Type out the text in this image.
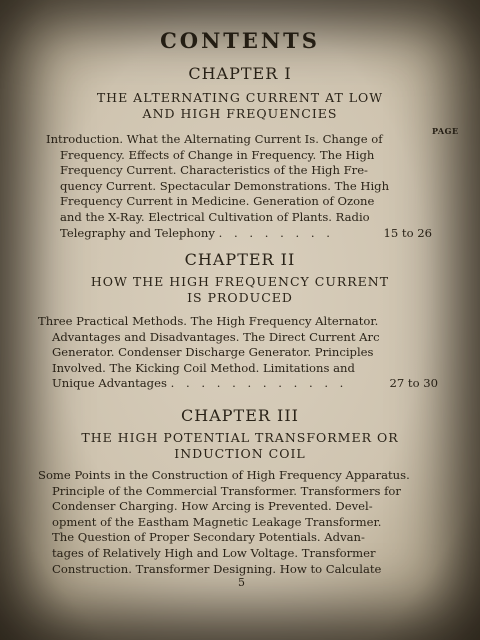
CONTENTS
CHAPTER I
THE ALTERNATING CURRENT AT LOW
AND HIGH FREQUENCIES
PAGE
Introduction. What the Alternating Current Is. Change of
Frequency. Effects of Change in Frequency. The High
Frequency Current. Characteristics of the High Fre-
quency Current. Spectacular Demonstrations. The High
Frequency Current in Medicine. Generation of Ozone
and the X-Ray. Electrical Cultivation of Plants. Radio
Telegraphy and Telephony . . . . . . . .	15 to 26
CHAPTER II
HOW THE HIGH FREQUENCY CURRENT
IS PRODUCED
Three Practical Methods. The High Frequency Alternator.
Advantages and Disadvantages. The Direct Current Arc
Generator. Condenser Discharge Generator. Principles
Involved. The Kicking Coil Method. Limitations and
Unique Advantages . . . . . . . . . . . .	27 to 30
CHAPTER III
THE HIGH POTENTIAL TRANSFORMER OR
INDUCTION COIL
Some Points in the Construction of High Frequency Apparatus.
Principle of the Commercial Transformer. Transformers for
Condenser Charging. How Arcing is Prevented. Devel-
opment of the Eastham Magnetic Leakage Transformer.
The Question of Proper Secondary Potentials. Advan-
tages of Relatively High and Low Voltage. Transformer
Construction. Transformer Designing. How to Calculate
5
